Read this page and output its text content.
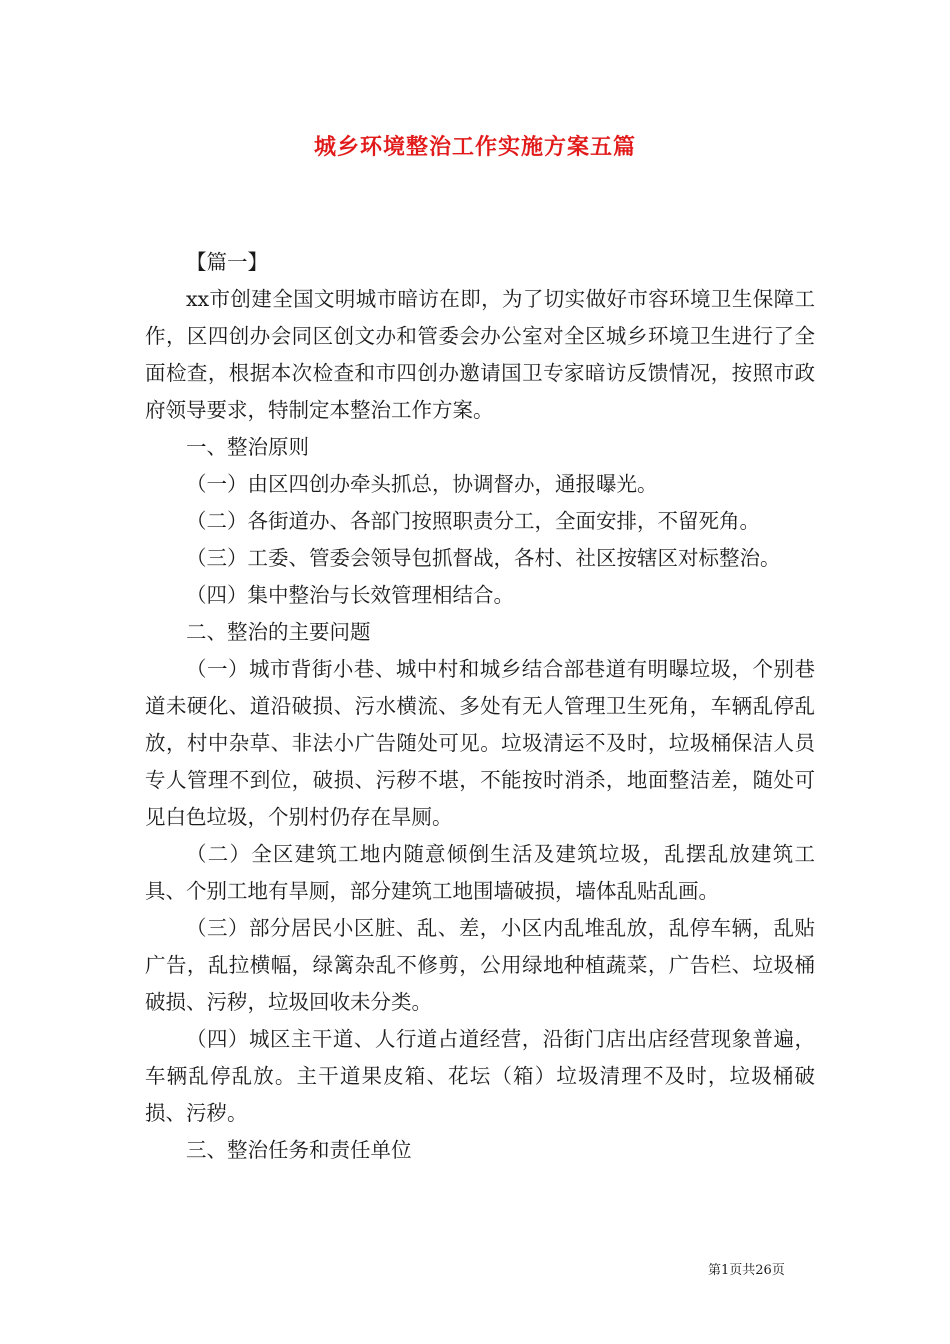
城乡环境整治工作实施方案五篇

【篇一】

xx市创建全国文明城市暗访在即，为了切实做好市容环境卫生保障工作，区四创办会同区创文办和管委会办公室对全区城乡环境卫生进行了全面检查，根据本次检查和市四创办邀请国卫专家暗访反馈情况，按照市政府领导要求，特制定本整治工作方案。

一、整治原则

（一）由区四创办牵头抓总，协调督办，通报曝光。

（二）各街道办、各部门按照职责分工，全面安排，不留死角。

（三）工委、管委会领导包抓督战，各村、社区按辖区对标整治。

（四）集中整治与长效管理相结合。

二、整治的主要问题

（一）城市背街小巷、城中村和城乡结合部巷道有明曝垃圾，个别巷道未硬化、道沿破损、污水横流、多处有无人管理卫生死角，车辆乱停乱放，村中杂草、非法小广告随处可见。垃圾清运不及时，垃圾桶保洁人员专人管理不到位，破损、污秽不堪，不能按时消杀，地面整洁差，随处可见白色垃圾，个别村仍存在旱厕。

（二）全区建筑工地内随意倾倒生活及建筑垃圾，乱摆乱放建筑工具、个别工地有旱厕，部分建筑工地围墙破损，墙体乱贴乱画。

（三）部分居民小区脏、乱、差，小区内乱堆乱放，乱停车辆，乱贴广告，乱拉横幅，绿篱杂乱不修剪，公用绿地种植蔬菜，广告栏、垃圾桶破损、污秽，垃圾回收未分类。

（四）城区主干道、人行道占道经营，沿街门店出店经营现象普遍，车辆乱停乱放。主干道果皮箱、花坛（箱）垃圾清理不及时，垃圾桶破损、污秽。

三、整治任务和责任单位

第1页共26页
